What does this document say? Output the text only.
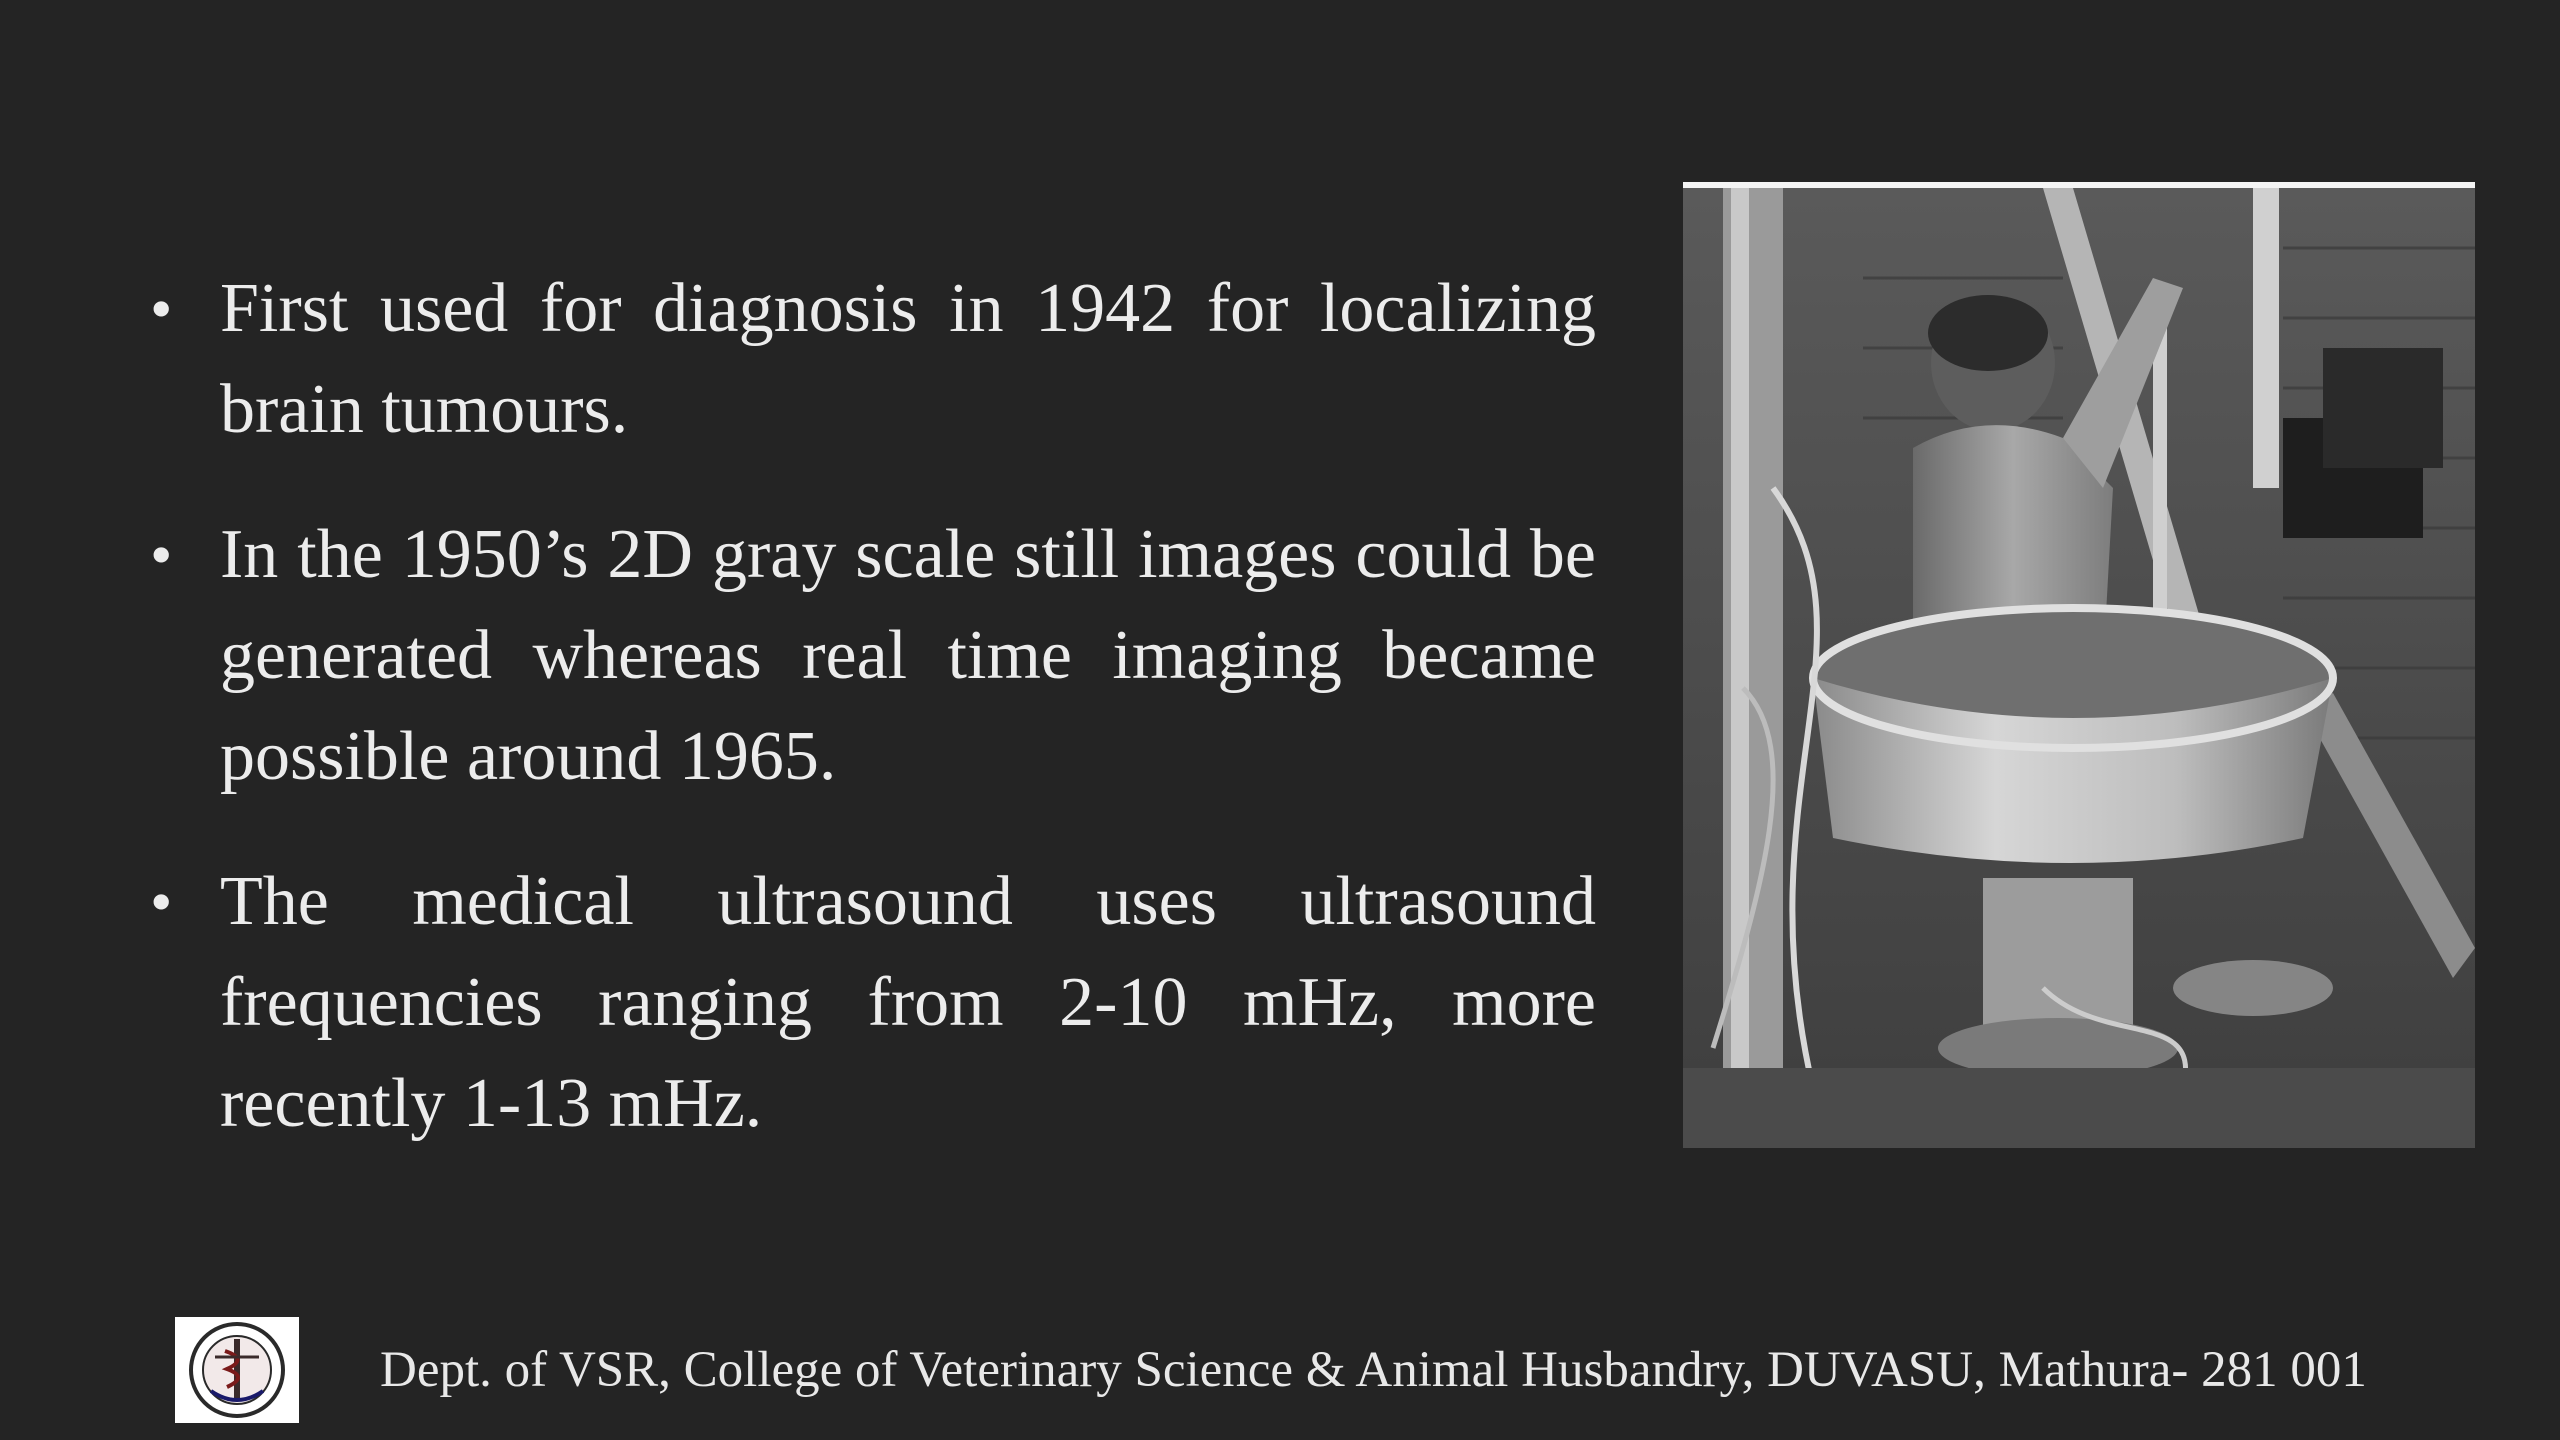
• First used for diagnosis in 1942 for localizing brain tumours.
• In the 1950’s 2D gray scale still images could be generated whereas real time imaging became possible around 1965.
• The medical ultrasound uses ultrasound frequencies ranging from 2-10 mHz, more recently 1-13 mHz.
Dept. of VSR, College of Veterinary Science & Animal Husbandry, DUVASU, Mathura- 281 001
